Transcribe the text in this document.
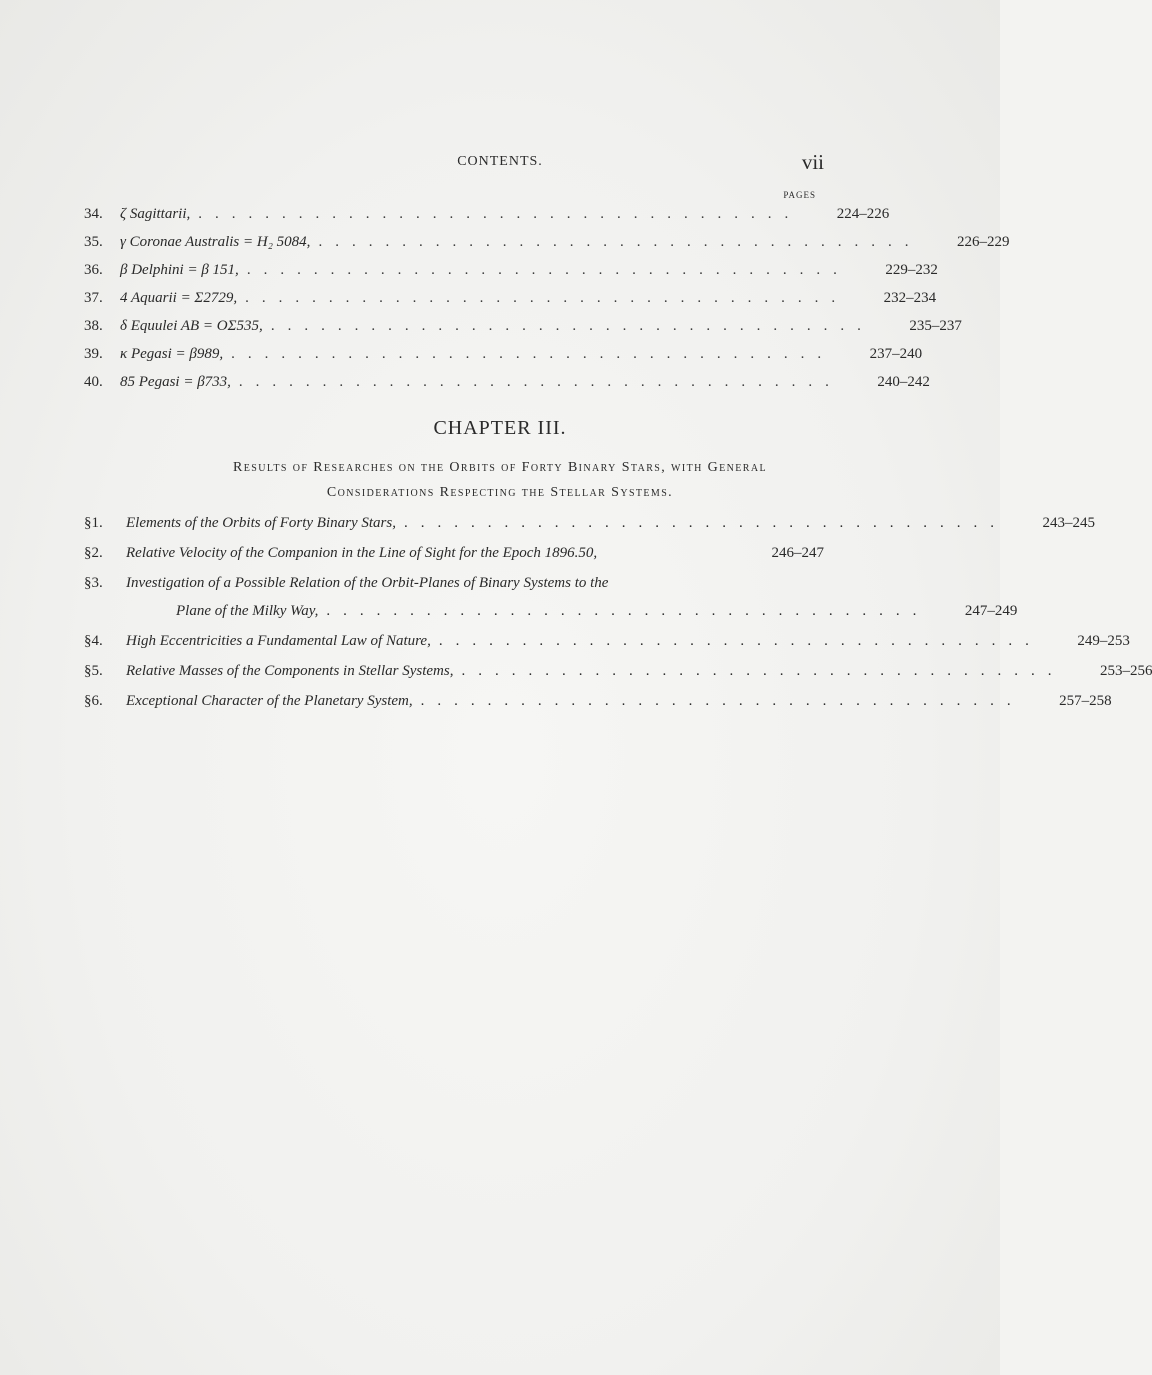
CONTENTS.	vii
PAGES
34.	ζ Sagittarii, ....................................	224–226
35.	γ Coronae Australis = H₂ 5084, ....................................	226–229
36.	β Delphini = β 151, ....................................	229–232
37.	4 Aquarii = Σ2729, ....................................	232–234
38.	δ Equulei AB = OΣ535, ....................................	235–237
39.	κ Pegasi = β989, ....................................	237–240
40.	85 Pegasi = β733, ....................................	240–242
CHAPTER III.
Results of Researches on the Orbits of Forty Binary Stars, with General
Considerations Respecting the Stellar Systems.
§1.	Elements of the Orbits of Forty Binary Stars, ....................................	243–245
§2.	Relative Velocity of the Companion in the Line of Sight for the Epoch 1896.50,	246–247
§3.	Investigation of a Possible Relation of the Orbit-Planes of Binary Systems to the
Plane of the Milky Way, ....................................	247–249
§4.	High Eccentricities a Fundamental Law of Nature, ....................................	249–253
§5.	Relative Masses of the Components in Stellar Systems, ....................................	253–256
§6.	Exceptional Character of the Planetary System, ....................................	257–258
